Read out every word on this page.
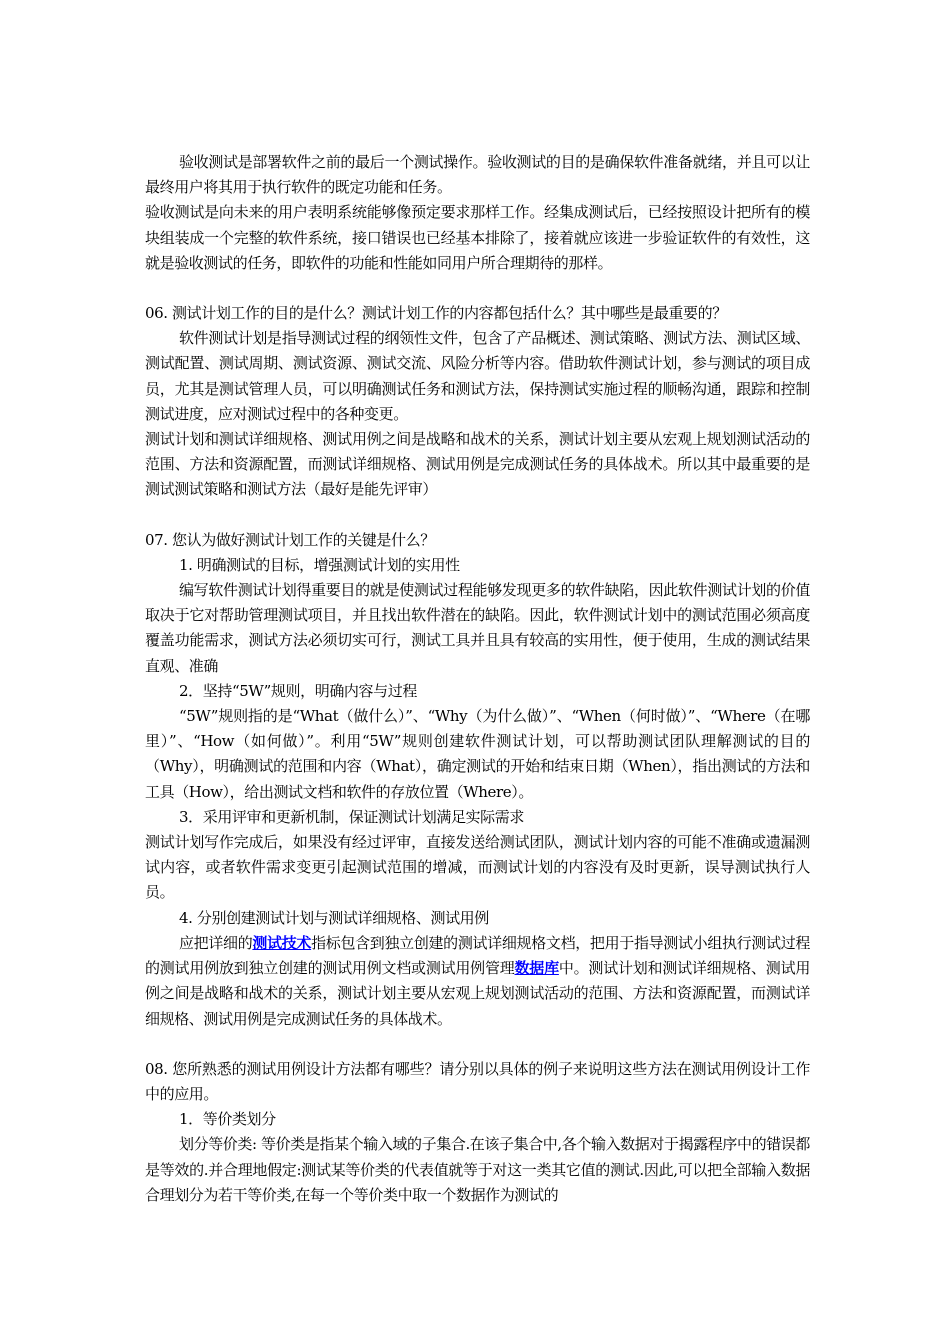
验收测试是部署软件之前的最后一个测试操作。验收测试的目的是确保软件准备就绪，并且可以让最终用户将其用于执行软件的既定功能和任务。

验收测试是向未来的用户表明系统能够像预定要求那样工作。经集成测试后，已经按照设计把所有的模块组装成一个完整的软件系统，接口错误也已经基本排除了，接着就应该进一步验证软件的有效性，这就是验收测试的任务，即软件的功能和性能如同用户所合理期待的那样。

06. 测试计划工作的目的是什么？测试计划工作的内容都包括什么？其中哪些是最重要的？

软件测试计划是指导测试过程的纲领性文件，包含了产品概述、测试策略、测试方法、测试区域、测试配置、测试周期、测试资源、测试交流、风险分析等内容。借助软件测试计划，参与测试的项目成员，尤其是测试管理人员，可以明确测试任务和测试方法，保持测试实施过程的顺畅沟通，跟踪和控制测试进度，应对测试过程中的各种变更。

测试计划和测试详细规格、测试用例之间是战略和战术的关系，测试计划主要从宏观上规划测试活动的范围、方法和资源配置，而测试详细规格、测试用例是完成测试任务的具体战术。所以其中最重要的是测试测试策略和测试方法（最好是能先评审）

07. 您认为做好测试计划工作的关键是什么？

1. 明确测试的目标，增强测试计划的实用性

编写软件测试计划得重要目的就是使测试过程能够发现更多的软件缺陷，因此软件测试计划的价值取决于它对帮助管理测试项目，并且找出软件潜在的缺陷。因此，软件测试计划中的测试范围必须高度覆盖功能需求，测试方法必须切实可行，测试工具并且具有较高的实用性，便于使用，生成的测试结果直观、准确

2．坚持“5W”规则，明确内容与过程

“5W”规则指的是“What（做什么）”、“Why（为什么做）”、“When（何时做）”、“Where（在哪里）”、“How（如何做）”。利用“5W”规则创建软件测试计划，可以帮助测试团队理解测试的目的（Why），明确测试的范围和内容（What），确定测试的开始和结束日期（When），指出测试的方法和工具（How），给出测试文档和软件的存放位置（Where）。

3．采用评审和更新机制，保证测试计划满足实际需求

测试计划写作完成后，如果没有经过评审，直接发送给测试团队，测试计划内容的可能不准确或遗漏测试内容，或者软件需求变更引起测试范围的增减，而测试计划的内容没有及时更新，误导测试执行人员。

4. 分别创建测试计划与测试详细规格、测试用例

应把详细的测试技术指标包含到独立创建的测试详细规格文档，把用于指导测试小组执行测试过程的测试用例放到独立创建的测试用例文档或测试用例管理数据库中。测试计划和测试详细规格、测试用例之间是战略和战术的关系，测试计划主要从宏观上规划测试活动的范围、方法和资源配置，而测试详细规格、测试用例是完成测试任务的具体战术。

08. 您所熟悉的测试用例设计方法都有哪些？请分别以具体的例子来说明这些方法在测试用例设计工作中的应用。

1．等价类划分

划分等价类: 等价类是指某个输入域的子集合.在该子集合中,各个输入数据对于揭露程序中的错误都是等效的.并合理地假定:测试某等价类的代表值就等于对这一类其它值的测试.因此,可以把全部输入数据合理划分为若干等价类,在每一个等价类中取一个数据作为测试的
